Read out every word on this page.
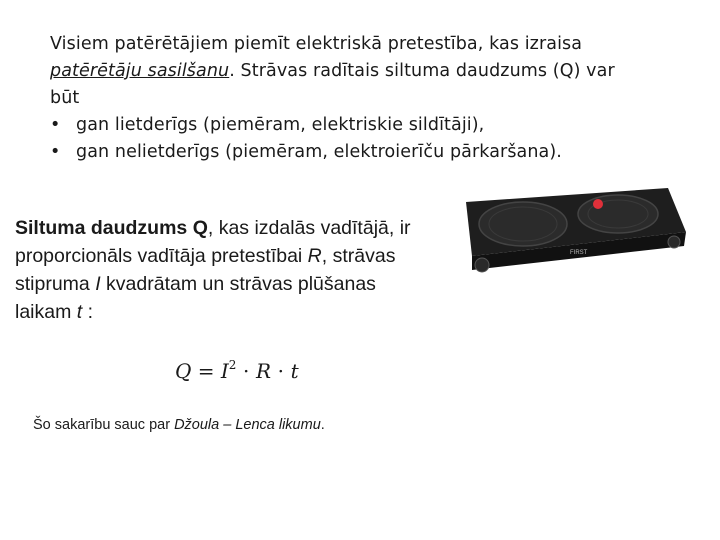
Visiem patērētājiem piemīt elektriskā pretestība, kas izraisa
patērētāju sasilšanu. Strāvas radītais siltuma daudzums (Q) var
būt
• gan lietderīgs (piemēram, elektriskie sildītāji),
• gan nelietderīgs (piemēram, elektroierīču pārkaršana).
Siltuma daudzums Q, kas izdalās vadītājā, ir
proporcionāls vadītāja pretestībai R, strāvas
stipruma I kvadrātam un strāvas plūšanas
laikam t :
$Q = I^2 \cdot R \cdot t$
Šo sakarību sauc par Džoula – Lenca likumu.
FIRST
